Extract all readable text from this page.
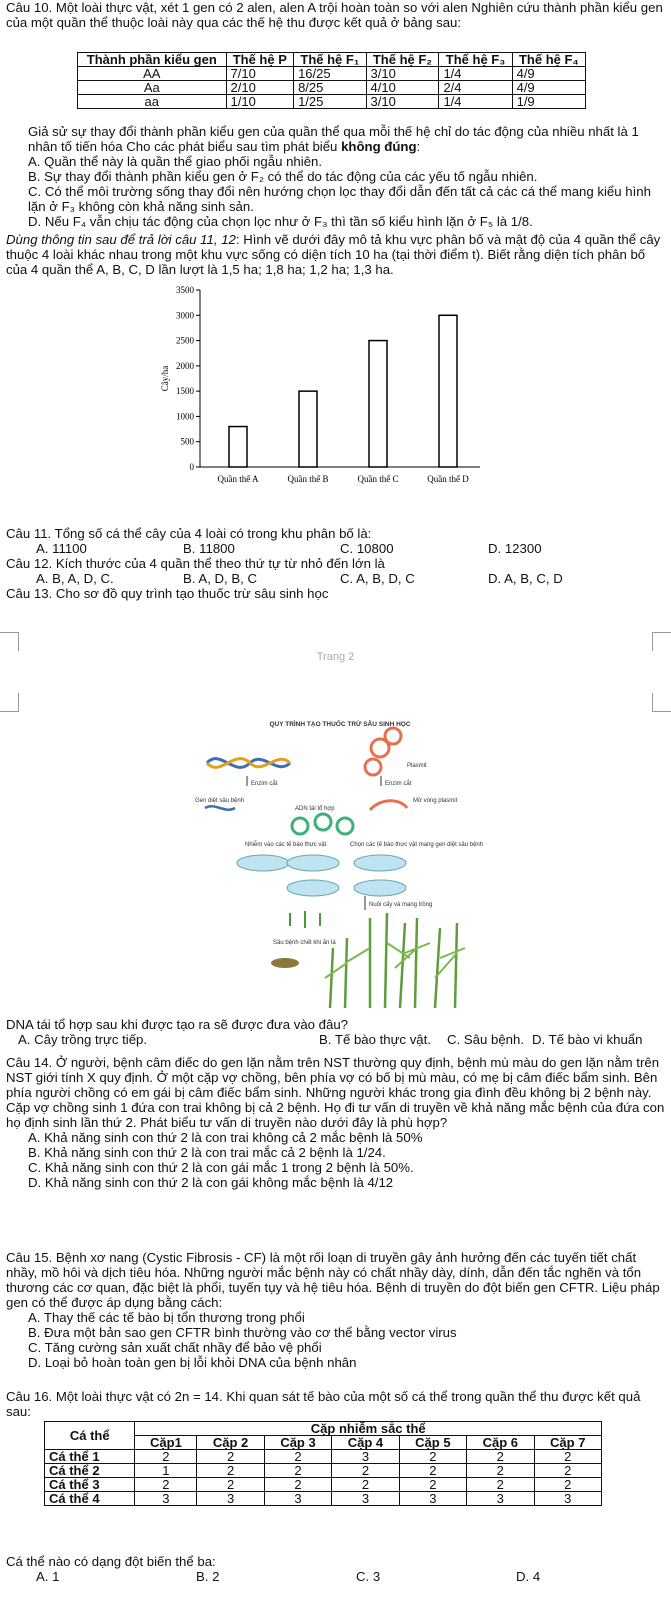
Câu 10. Một loài thực vật, xét 1 gen có 2 alen, alen A trội hoàn toàn so với alen Nghiên cứu thành phần kiểu gen của một quần thể thuộc loài này qua các thế hệ thu được kết quả ở bảng sau:

Thành phần kiểu gen	Thế hệ P	Thế hệ F₁	Thế hệ F₂	Thế hệ F₃	Thế hệ F₄
AA	7/10	16/25	3/10	1/4	4/9
Aa	2/10	8/25	4/10	2/4	4/9
aa	1/10	1/25	3/10	1/4	1/9

Giả sử sự thay đổi thành phần kiểu gen của quần thể qua mỗi thế hệ chỉ do tác động của nhiều nhất là 1 nhân tố tiến hóa Cho các phát biểu sau tìm phát biểu không đúng:

A. Quần thể này là quần thể giao phối ngẫu nhiên.

B. Sự thay đổi thành phần kiểu gen ở F₂ có thể do tác động của các yếu tố ngẫu nhiên.

C. Có thể môi trường sống thay đổi nên hướng chọn lọc thay đổi dẫn đến tất cả các cá thể mang kiểu hình lặn ở F₃ không còn khả năng sinh sản.

D. Nếu F₄ vẫn chịu tác động của chọn lọc như ở F₃ thì tần số kiểu hình lặn ở F₅ là 1/8.

Dùng thông tin sau để trả lời câu 11, 12: Hình vẽ dưới đây mô tả khu vực phân bố và mật độ của 4 quần thể cây thuộc 4 loài khác nhau trong một khu vực sống có diện tích 10 ha (tại thời điểm t). Biết rằng diện tích phân bố của 4 quần thể A, B, C, D lần lượt là 1,5 ha; 1,8 ha; 1,2 ha; 1,3 ha.

0
500
1000
1500
2000
2500
3000
3500
Cây/ha
Quần thể A	Quần thể B	Quần thể C	Quần thể D

Câu 11. Tổng số cá thể cây của 4 loài có trong khu phân bố là:

A. 11100	B. 11800	C. 10800	D. 12300

Câu 12. Kích thước của 4 quần thể theo thứ tự từ nhỏ đến lớn là

A. B, A, D, C.	B. A, D, B, C	C. A, B, D, C	D. A, B, C, D

Câu 13. Cho sơ đồ quy trình tạo thuốc trừ sâu sinh học

Trang 2
QUY TRÌNH TẠO THUỐC TRỪ SÂU SINH HỌC
Plasmit
Enzim cắt	Enzim cắt
Gen diệt sâu bệnh
ADN tái tổ hợp
Mở vòng plasmit
Nhiễm vào các tế bào thực vật	Chọn các tế bào thực vật mang gen diệt sâu bệnh
Nuôi cấy và mang trồng
Sâu bệnh chết khi ăn lá

DNA tái tổ hợp sau khi được tạo ra sẽ được đưa vào đâu?

A. Cây trồng trực tiếp.	B. Tế bào thực vật.	C. Sâu bệnh. D. Tế bào vi khuẩn

Câu 14. Ở người, bệnh câm điếc do gen lặn nằm trên NST thường quy định, bệnh mù màu do gen lặn nằm trên NST giới tính X quy định. Ở một cặp vợ chồng, bên phía vợ có bố bị mù màu, có mẹ bị câm điếc bẩm sinh. Bên phía người chồng có em gái bị câm điếc bẩm sinh. Những người khác trong gia đình đều không bị 2 bệnh này. Cặp vợ chồng sinh 1 đứa con trai không bị cả 2 bệnh. Họ đi tư vấn di truyền về khả năng mắc bệnh của đứa con họ định sinh lần thứ 2. Phát biểu tư vấn di truyền nào dưới đây là phù hợp?

A. Khả năng sinh con thứ 2 là con trai không cả 2 mắc bệnh là 50%

B. Khả năng sinh con thứ 2 là con trai mắc cả 2 bệnh là 1/24.

C. Khả năng sinh con thứ 2 là con gái mắc 1 trong 2 bệnh là 50%.

D. Khả năng sinh con thứ 2 là con gái không mắc bệnh là 4/12

Câu 15. Bệnh xơ nang (Cystic Fibrosis - CF) là một rối loạn di truyền gây ảnh hưởng đến các tuyến tiết chất nhầy, mồ hôi và dịch tiêu hóa. Những người mắc bệnh này có chất nhầy dày, dính, dẫn đến tắc nghẽn và tổn thương các cơ quan, đặc biệt là phổi, tuyến tụy và hệ tiêu hóa. Bệnh di truyền do đột biến gen CFTR. Liệu pháp gen có thể được áp dụng bằng cách:

A. Thay thế các tế bào bị tổn thương trong phổi

B. Đưa một bản sao gen CFTR bình thường vào cơ thể bằng vector virus

C. Tăng cường sản xuất chất nhầy để bảo vệ phổi

D. Loại bỏ hoàn toàn gen bị lỗi khỏi DNA của bệnh nhân

Câu 16. Một loài thực vật có 2n = 14. Khi quan sát tế bào của một số cá thể trong quần thể thu được kết quả sau:

Cá thể	Cặp nhiễm sắc thể						
	Cặp1	Cặp 2	Cặp 3	Cặp 4	Cặp 5	Cặp 6	Cặp 7
Cá thể 1	2	2	2	3	2	2	2
Cá thể 2	1	2	2	2	2	2	2
Cá thể 3	2	2	2	2	2	2	2
Cá thể 4	3	3	3	3	3	3	3

Cá thể nào có dạng đột biến thể ba:

A. 1	B. 2	C. 3	D. 4
